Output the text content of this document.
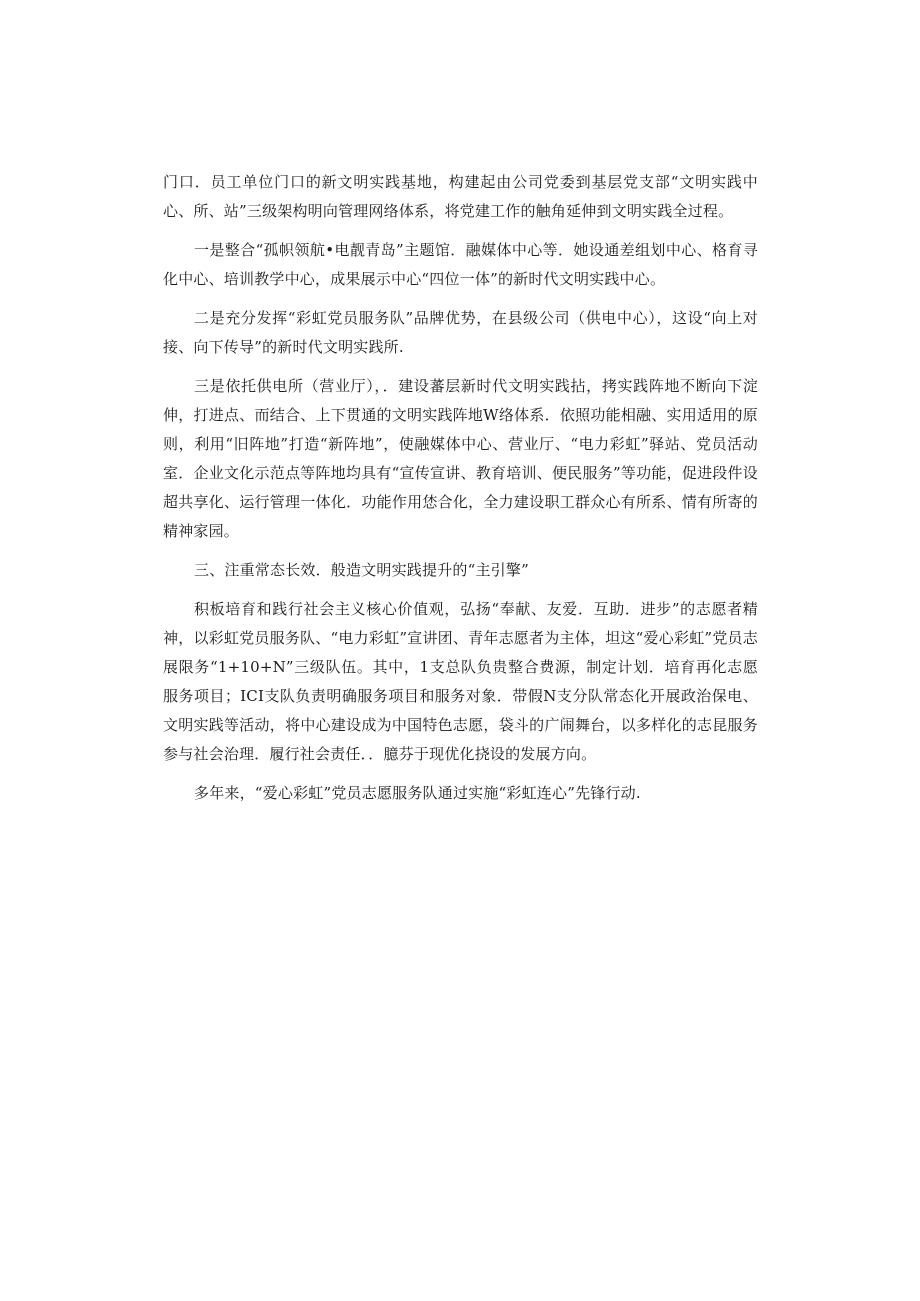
门口．员工单位门口的新文明实践基地，构建起由公司党委到基层党支部“文明实践中心、所、站”三级架构明向管理网络体系，将党建工作的触角延伸到文明实践全过程。

一是整合“孤帜领航•电靓青岛”主题馆．融媒体中心等．她设通差组划中心、格育寻化中心、培训教学中心，成果展示中心“四位一体”的新时代文明实践中心。

二是充分发挥“彩虹党员服务队”品牌优势，在县级公司（供电中心），这设“向上对接、向下传导”的新时代文明实践所.

三是依托供电所（营业厅），．建设蕃层新时代文明实践拈，拷实践阵地不断向下淀伸，打进点、而结合、上下贯通的文明实践阵地W络体系．依照功能相融、实用适用的原则，利用“旧阵地”打造“新阵地”，使融媒体中心、营业厅、“电力彩虹”驿站、党员活动室．企业文化示范点等阵地均具有“宣传宣讲、教育培训、便民服务”等功能，促进段件设超共享化、运行管理一体化．功能作用恷合化，全力建设职工群众心有所系、情有所寄的精神家园。

三、注重常态长效．般造文明实践提升的“主引擎”

积板培育和践行社会主义核心价值观，弘扬“奉献、友爱．互助．进步”的志愿者精神，以彩虹党员服务队、“电力彩虹”宣讲团、青年志愿者为主体，坦这“爱心彩虹”党员志展限务“1+10+N”三级队伍。其中，1支总队负贵整合费源，制定计划．培育再化志愿服务项目；ICI支队负责明确服务项目和服务对象．带假N支分队常态化开展政治保电、文明实践等活动，将中心建设成为中国特色志愿，袋斗的广闹舞台，以多样化的志昆服务参与社会治理．履行社会责任．．臆芬于现优化挠设的发展方向。

多年来，“爱心彩虹”党员志愿服务队通过实施“彩虹连心”先锋行动.
